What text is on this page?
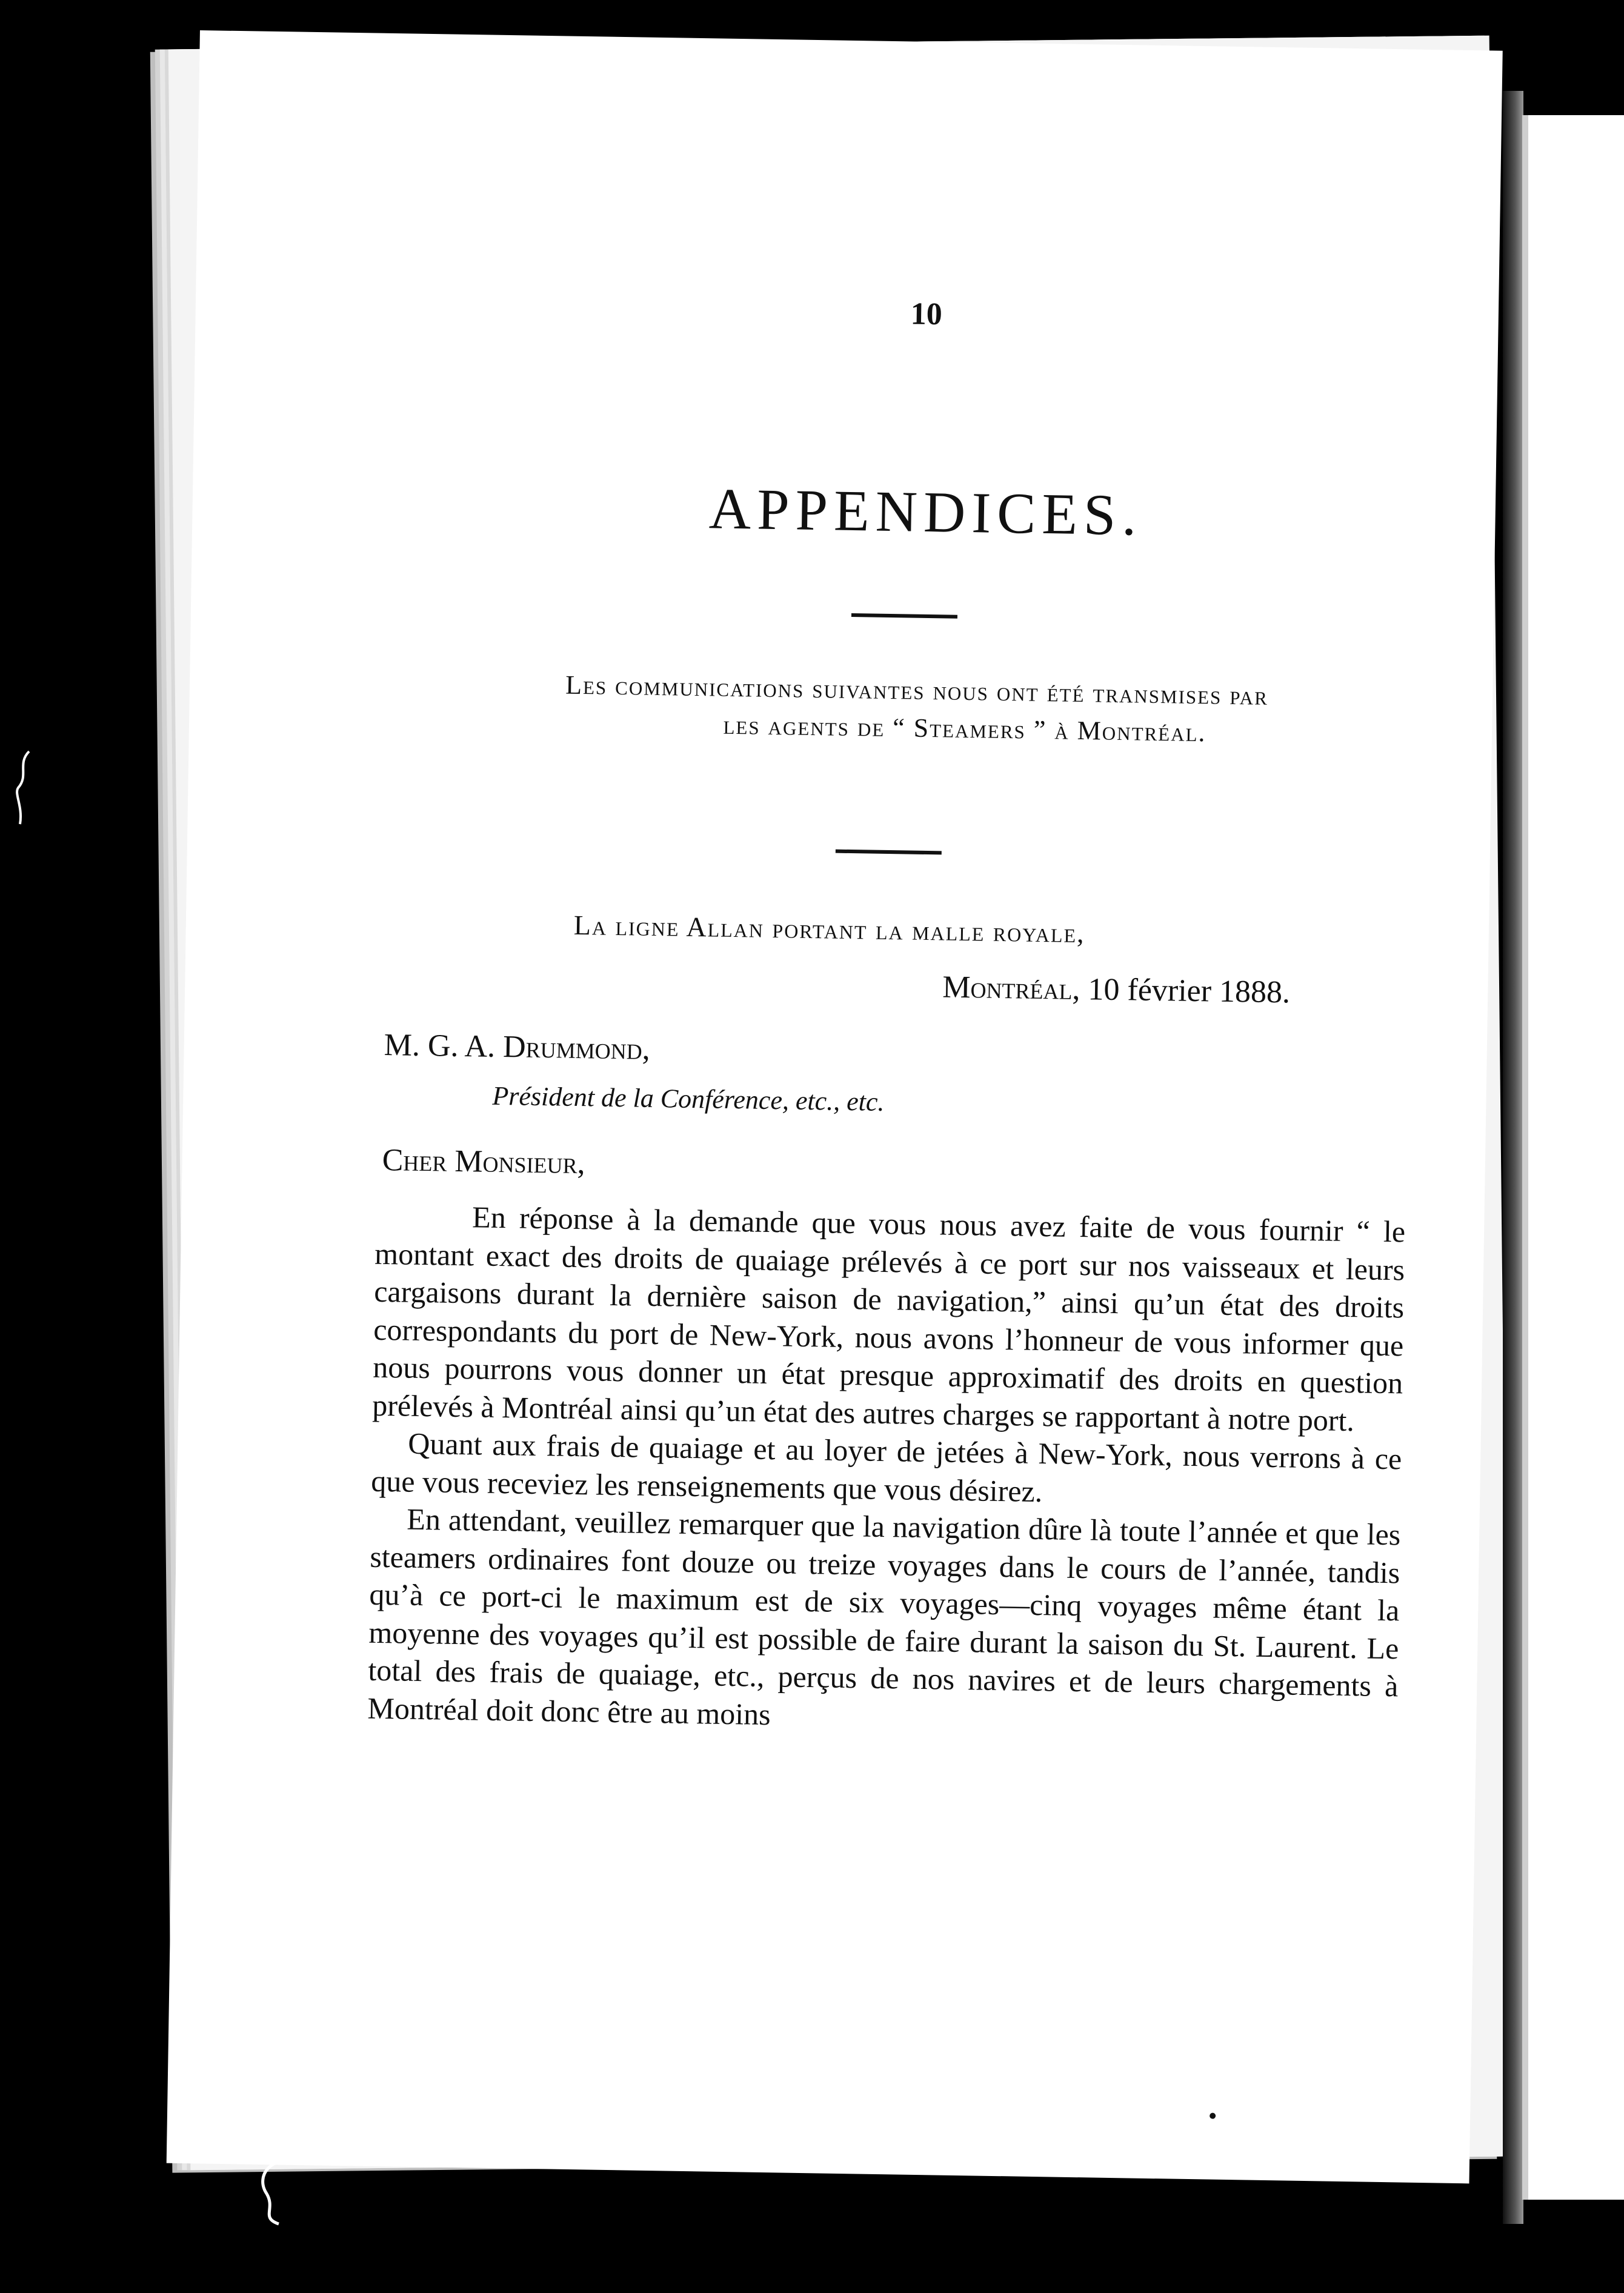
10
APPENDICES.
Les communications suivantes nous ont été transmises par
les agents de “ Steamers ” à Montréal.
La ligne Allan portant la malle royale,
Montréal, 10 février 1888.
M. G. A. Drummond,
Président de la Conférence, etc., etc.
Cher Monsieur,

En réponse à la demande que vous nous avez faite de vous fournir “ le montant exact des droits de quaiage prélevés à ce port sur nos vaisseaux et leurs cargaisons durant la dernière saison de navigation,” ainsi qu’un état des droits correspondants du port de New-York, nous avons l’honneur de vous informer que nous pourrons vous donner un état presque approximatif des droits en question prélevés à Montréal ainsi qu’un état des autres charges se rapportant à notre port.

Quant aux frais de quaiage et au loyer de jetées à New-York, nous verrons à ce que vous receviez les renseignements que vous désirez.

En attendant, veuillez remarquer que la navigation dûre là toute l’année et que les steamers ordinaires font douze ou treize voyages dans le cours de l’année, tandis qu’à ce port-ci le maximum est de six voyages—cinq voyages même étant la moyenne des voyages qu’il est possible de faire durant la saison du St. Laurent. Le total des frais de quaiage, etc., perçus de nos navires et de leurs chargements à Montréal doit donc être au moins
